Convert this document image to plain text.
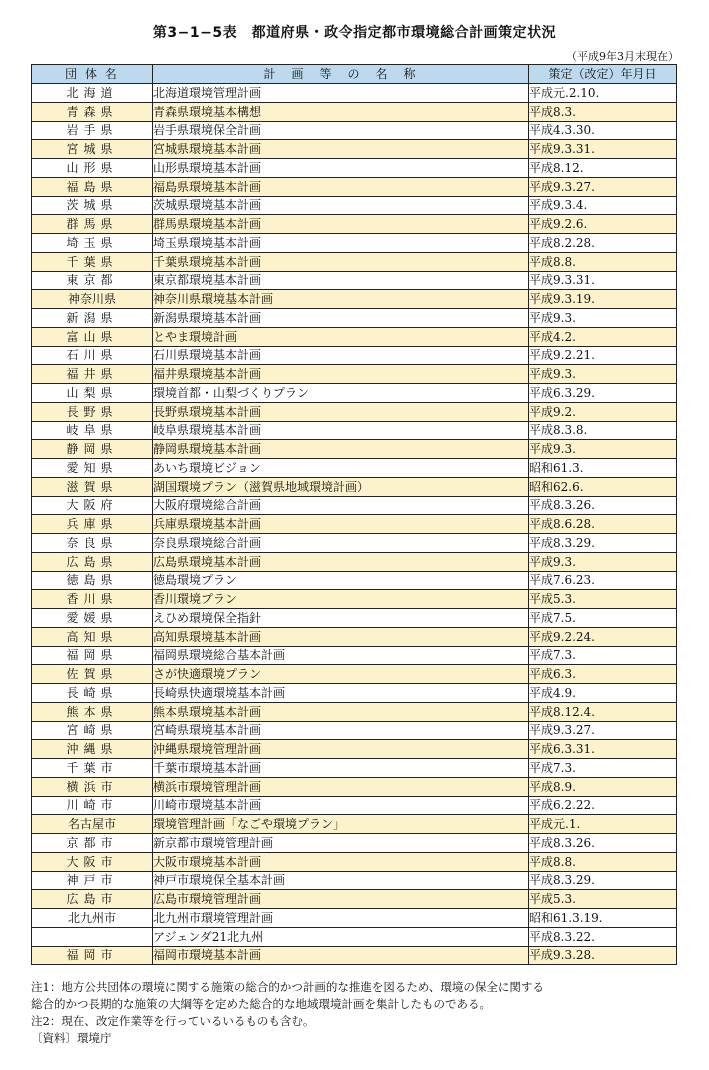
第3−1−5表　都道府県・政令指定都市環境総合計画策定状況
（平成9年3月末現在）
団 体 名	計　画　等　の　名　称	策定（改定）年月日
北海道	北海道環境管理計画	平成元.2.10.
青森県	青森県環境基本構想	平成8.3.
岩手県	岩手県環境保全計画	平成4.3.30.
宮城県	宮城県環境基本計画	平成9.3.31.
山形県	山形県環境基本計画	平成8.12.
福島県	福島県環境基本計画	平成9.3.27.
茨城県	茨城県環境基本計画	平成9.3.4.
群馬県	群馬県環境基本計画	平成9.2.6.
埼玉県	埼玉県環境基本計画	平成8.2.28.
千葉県	千葉県環境基本計画	平成8.8.
東京都	東京都環境基本計画	平成9.3.31.
神奈川県	神奈川県環境基本計画	平成9.3.19.
新潟県	新潟県環境基本計画	平成9.3.
富山県	とやま環境計画	平成4.2.
石川県	石川県環境基本計画	平成9.2.21.
福井県	福井県環境基本計画	平成9.3.
山梨県	環境首都・山梨づくりプラン	平成6.3.29.
長野県	長野県環境基本計画	平成9.2.
岐阜県	岐阜県環境基本計画	平成8.3.8.
静岡県	静岡県環境基本計画	平成9.3.
愛知県	あいち環境ビジョン	昭和61.3.
滋賀県	湖国環境プラン（滋賀県地域環境計画）	昭和62.6.
大阪府	大阪府環境総合計画	平成8.3.26.
兵庫県	兵庫県環境基本計画	平成8.6.28.
奈良県	奈良県環境総合計画	平成8.3.29.
広島県	広島県環境基本計画	平成9.3.
徳島県	徳島環境プラン	平成7.6.23.
香川県	香川環境プラン	平成5.3.
愛媛県	えひめ環境保全指針	平成7.5.
高知県	高知県環境基本計画	平成9.2.24.
福岡県	福岡県環境総合基本計画	平成7.3.
佐賀県	さが快適環境プラン	平成6.3.
長崎県	長崎県快適環境基本計画	平成4.9.
熊本県	熊本県環境基本計画	平成8.12.4.
宮崎県	宮崎県環境基本計画	平成9.3.27.
沖縄県	沖縄県環境管理計画	平成6.3.31.
千葉市	千葉市環境基本計画	平成7.3.
横浜市	横浜市環境管理計画	平成8.9.
川崎市	川崎市環境基本計画	平成6.2.22.
名古屋市	環境管理計画「なごや環境プラン」	平成元.1.
京都市	新京都市環境管理計画	平成8.3.26.
大阪市	大阪市環境基本計画	平成8.8.
神戸市	神戸市環境保全基本計画	平成8.3.29.
広島市	広島市環境管理計画	平成5.3.
北九州市	北九州市環境管理計画	昭和61.3.19.
	アジェンダ21北九州	平成8.3.22.
福岡市	福岡市環境基本計画	平成9.3.28.
注1：地方公共団体の環境に関する施策の総合的かつ計画的な推進を図るため、環境の保全に関する
総合的かつ長期的な施策の大綱等を定めた総合的な地域環境計画を集計したものである。
注2：現在、改定作業等を行っているいるものも含む。
〔資料〕環境庁
